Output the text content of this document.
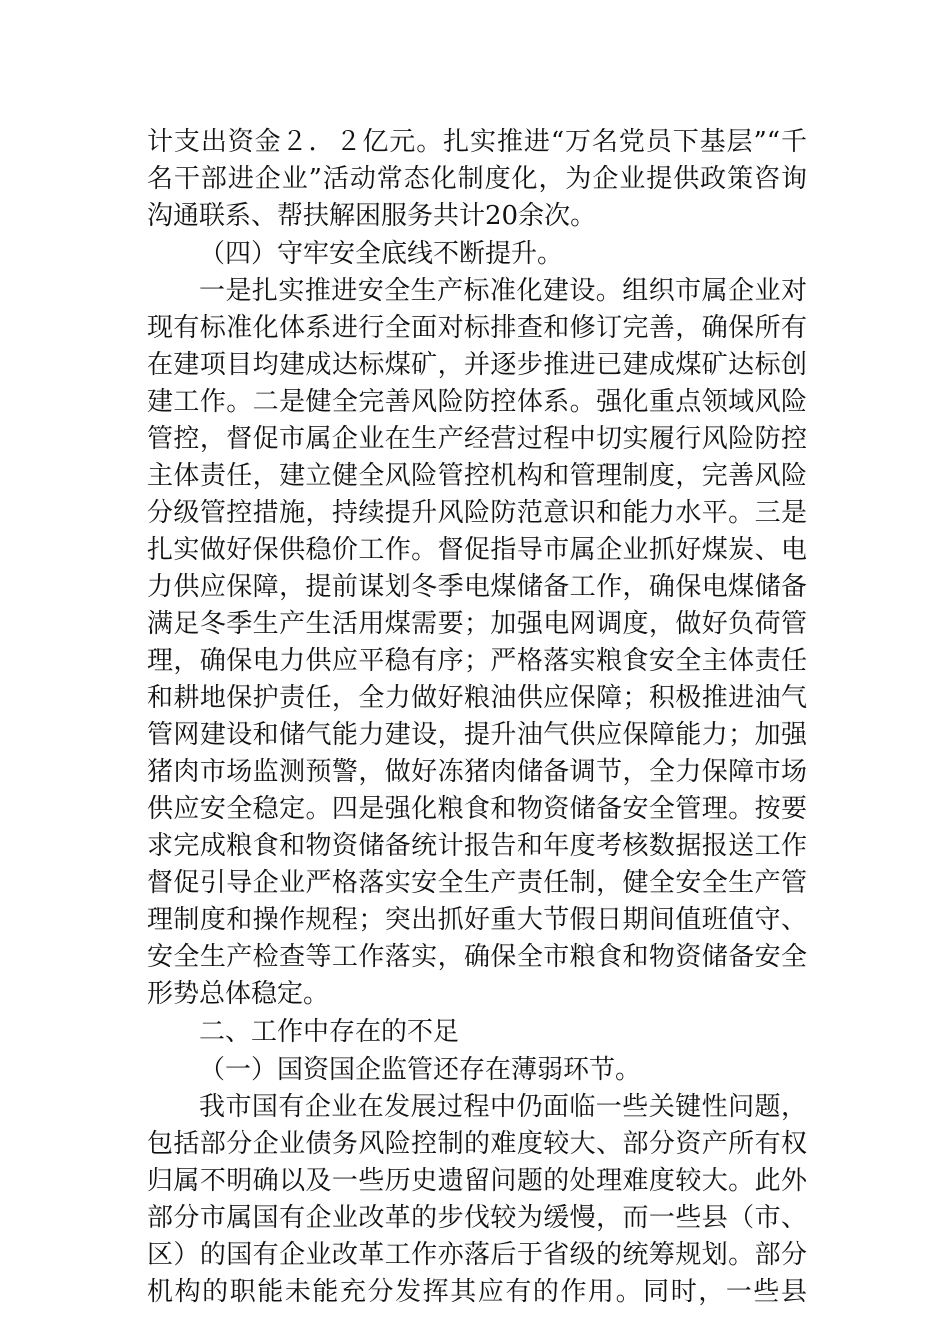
计支出资金２．２亿元。扎实推进“万名党员下基层”“千
名干部进企业”活动常态化制度化，为企业提供政策咨询
沟通联系、帮扶解困服务共计20余次。
（四）守牢安全底线不断提升。
一是扎实推进安全生产标准化建设。组织市属企业对
现有标准化体系进行全面对标排查和修订完善，确保所有
在建项目均建成达标煤矿，并逐步推进已建成煤矿达标创
建工作。二是健全完善风险防控体系。强化重点领域风险
管控，督促市属企业在生产经营过程中切实履行风险防控
主体责任，建立健全风险管控机构和管理制度，完善风险
分级管控措施，持续提升风险防范意识和能力水平。三是
扎实做好保供稳价工作。督促指导市属企业抓好煤炭、电
力供应保障，提前谋划冬季电煤储备工作，确保电煤储备
满足冬季生产生活用煤需要；加强电网调度，做好负荷管
理，确保电力供应平稳有序；严格落实粮食安全主体责任
和耕地保护责任，全力做好粮油供应保障；积极推进油气
管网建设和储气能力建设，提升油气供应保障能力；加强
猪肉市场监测预警，做好冻猪肉储备调节，全力保障市场
供应安全稳定。四是强化粮食和物资储备安全管理。按要
求完成粮食和物资储备统计报告和年度考核数据报送工作
督促引导企业严格落实安全生产责任制，健全安全生产管
理制度和操作规程；突出抓好重大节假日期间值班值守、
安全生产检查等工作落实，确保全市粮食和物资储备安全
形势总体稳定。
二、工作中存在的不足
（一）国资国企监管还存在薄弱环节。
我市国有企业在发展过程中仍面临一些关键性问题，
包括部分企业债务风险控制的难度较大、部分资产所有权
归属不明确以及一些历史遗留问题的处理难度较大。此外
部分市属国有企业改革的步伐较为缓慢，而一些县（市、
区）的国有企业改革工作亦落后于省级的统筹规划。部分
机构的职能未能充分发挥其应有的作用。同时，一些县
